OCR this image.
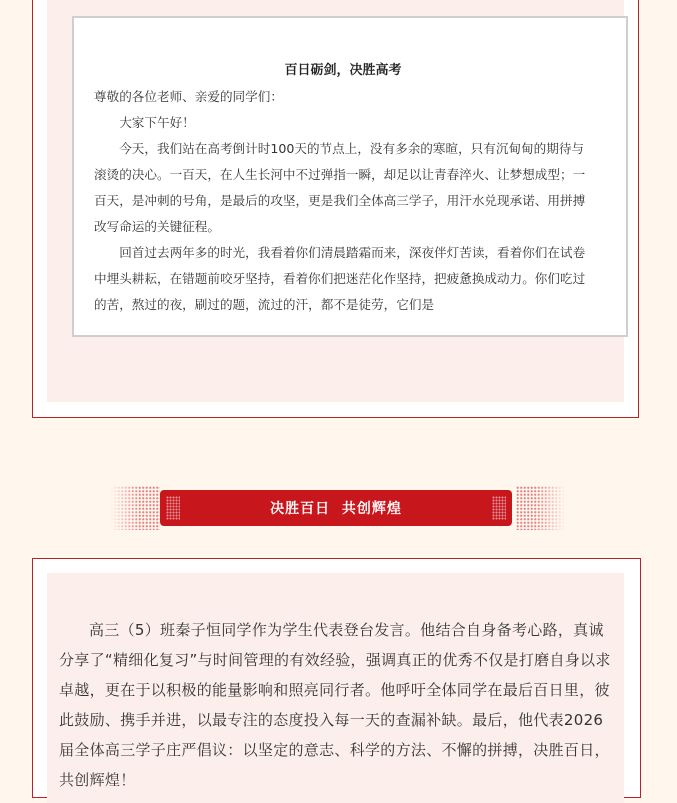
百日砺剑，决胜高考

尊敬的各位老师、亲爱的同学们：

大家下午好！

今天，我们站在高考倒计时100天的节点上，没有多余的寒暄，只有沉甸甸的期待与滚烫的决心。一百天，在人生长河中不过弹指一瞬，却足以让青春淬火、让梦想成型；一百天，是冲刺的号角，是最后的攻坚，更是我们全体高三学子，用汗水兑现承诺、用拼搏改写命运的关键征程。

回首过去两年多的时光，我看着你们清晨踏霜而来，深夜伴灯苦读，看着你们在试卷中埋头耕耘，在错题前咬牙坚持，看着你们把迷茫化作坚持，把疲惫换成动力。你们吃过的苦，熬过的夜，刷过的题，流过的汗，都不是徒劳，它们是

决胜百日  共创辉煌
高三（5）班秦子恒同学作为学生代表登台发言。他结合自身备考心路，真诚分享了“精细化复习”与时间管理的有效经验，强调真正的优秀不仅是打磨自身以求卓越，更在于以积极的能量影响和照亮同行者。他呼吁全体同学在最后百日里，彼此鼓励、携手并进，以最专注的态度投入每一天的查漏补缺。最后，他代表2026届全体高三学子庄严倡议：以坚定的意志、科学的方法、不懈的拼搏，决胜百日，共创辉煌！
